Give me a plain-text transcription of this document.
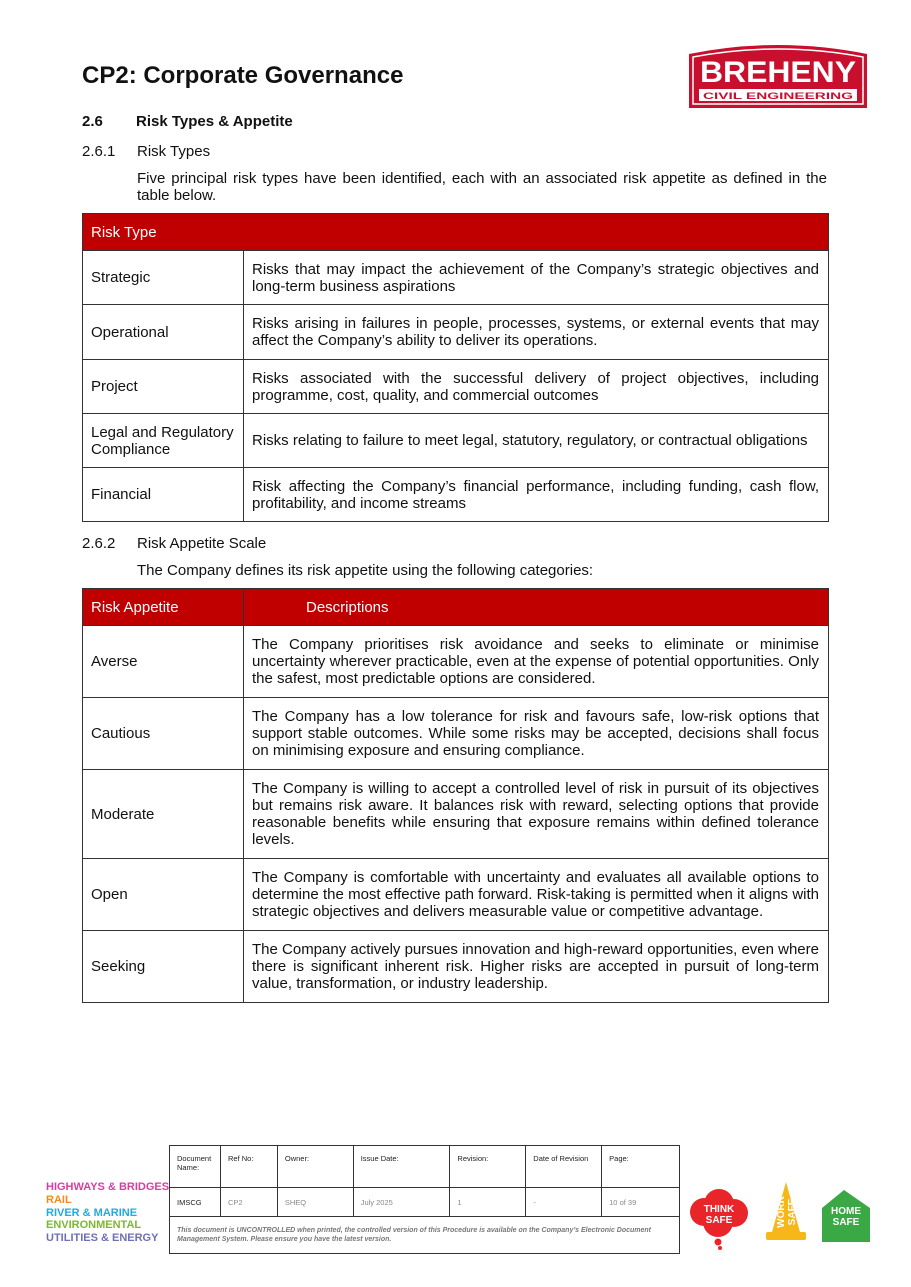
CP2: Corporate Governance	BREHENY
CIVIL ENGINEERING
2.6 Risk Types & Appetite
2.6.1 Risk Types
Five principal risk types have been identified, each with an associated risk appetite as defined in the table below.
Risk Type	
Strategic	Risks that may impact the achievement of the Company’s strategic objectives and long-term business aspirations
Operational	Risks arising in failures in people, processes, systems, or external events that may affect the Company’s ability to deliver its operations.
Project	Risks associated with the successful delivery of project objectives, including programme, cost, quality, and commercial outcomes
Legal and Regulatory Compliance	Risks relating to failure to meet legal, statutory, regulatory, or contractual obligations
Financial	Risk affecting the Company’s financial performance, including funding, cash flow, profitability, and income streams
2.6.2 Risk Appetite Scale
The Company defines its risk appetite using the following categories:
Risk Appetite	Descriptions
Averse	The Company prioritises risk avoidance and seeks to eliminate or minimise uncertainty wherever practicable, even at the expense of potential opportunities. Only the safest, most predictable options are considered.
Cautious	The Company has a low tolerance for risk and favours safe, low-risk options that support stable outcomes. While some risks may be accepted, decisions shall focus on minimising exposure and ensuring compliance.
Moderate	The Company is willing to accept a controlled level of risk in pursuit of its objectives but remains risk aware. It balances risk with reward, selecting options that provide reasonable benefits while ensuring that exposure remains within defined tolerance levels.
Open	The Company is comfortable with uncertainty and evaluates all available options to determine the most effective path forward. Risk-taking is permitted when it aligns with strategic objectives and delivers measurable value or competitive advantage.
Seeking	The Company actively pursues innovation and high-reward opportunities, even where there is significant inherent risk. Higher risks are accepted in pursuit of long-term value, transformation, or industry leadership.
HIGHWAYS & BRIDGES
RAIL
RIVER & MARINE
ENVIRONMENTAL
UTILITIES & ENERGY
Document Name:	Ref No:	Owner:	Issue Date:	Revision:	Date of Revision	Page:
IMSCG	CP2	SHEQ	July 2025	1	-	10 of 39
This document is UNCONTROLLED when printed, the controlled version of this Procedure is available on the Company’s Electronic Document Management System. Please ensure you have the latest version.						
THINK SAFE	WORKSAFE	HOME SAFE
